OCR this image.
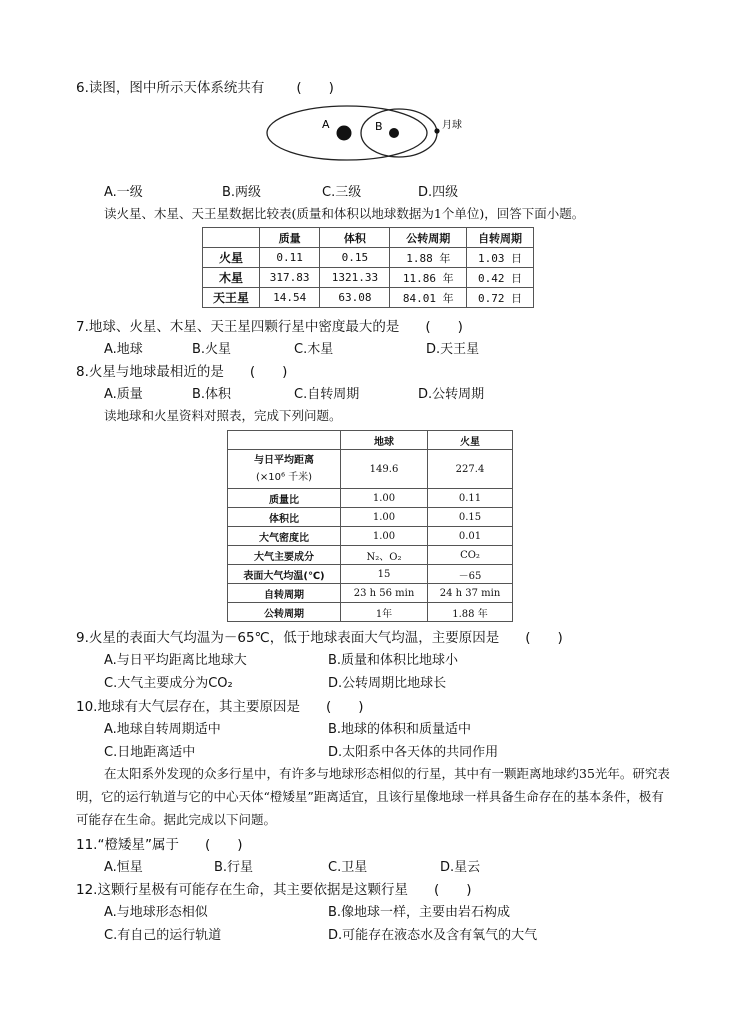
6.读图，图中所示天体系统共有 (　　)
A	B	月球
A.一级	B.两级	C.三级	D.四级
读火星、木星、天王星数据比较表(质量和体积以地球数据为1个单位)，回答下面小题。
	质量	体积	公转周期	自转周期
火星	0.11	0.15	1.88 年	1.03 日
木星	317.83	1321.33	11.86 年	0.42 日
天王星	14.54	63.08	84.01 年	0.72 日
7.地球、火星、木星、天王星四颗行星中密度最大的是 (　　)
A.地球	B.火星	C.木星	D.天王星
8.火星与地球最相近的是 (　　)
A.质量	B.体积	C.自转周期	D.公转周期
读地球和火星资料对照表，完成下列问题。
	地球	火星

与日平均距离
(×10⁶ 千米)	149.6	227.4
质量比	1.00	0.11
体积比	1.00	0.15
大气密度比	1.00	0.01
大气主要成分	N₂、O₂	CO₂
表面大气均温(℃)	15	－65
自转周期	23 h 56 min	24 h 37 min
公转周期	1年	1.88 年
9.火星的表面大气均温为－65℃，低于地球表面大气均温，主要原因是 (　　)
A.与日平均距离比地球大	B.质量和体积比地球小
C.大气主要成分为CO₂	D.公转周期比地球长
10.地球有大气层存在，其主要原因是 (　　)
A.地球自转周期适中	B.地球的体积和质量适中
C.日地距离适中	D.太阳系中各天体的共同作用
在太阳系外发现的众多行星中，有许多与地球形态相似的行星，其中有一颗距离地球约35光年。研究表明，它的运行轨道与它的中心天体“橙矮星”距离适宜，且该行星像地球一样具备生命存在的基本条件，极有可能存在生命。据此完成以下问题。
11.“橙矮星”属于 (　　)
A.恒星	B.行星	C.卫星	D.星云
12.这颗行星极有可能存在生命，其主要依据是这颗行星 (　　)
A.与地球形态相似	B.像地球一样，主要由岩石构成
C.有自己的运行轨道	D.可能存在液态水及含有氧气的大气
